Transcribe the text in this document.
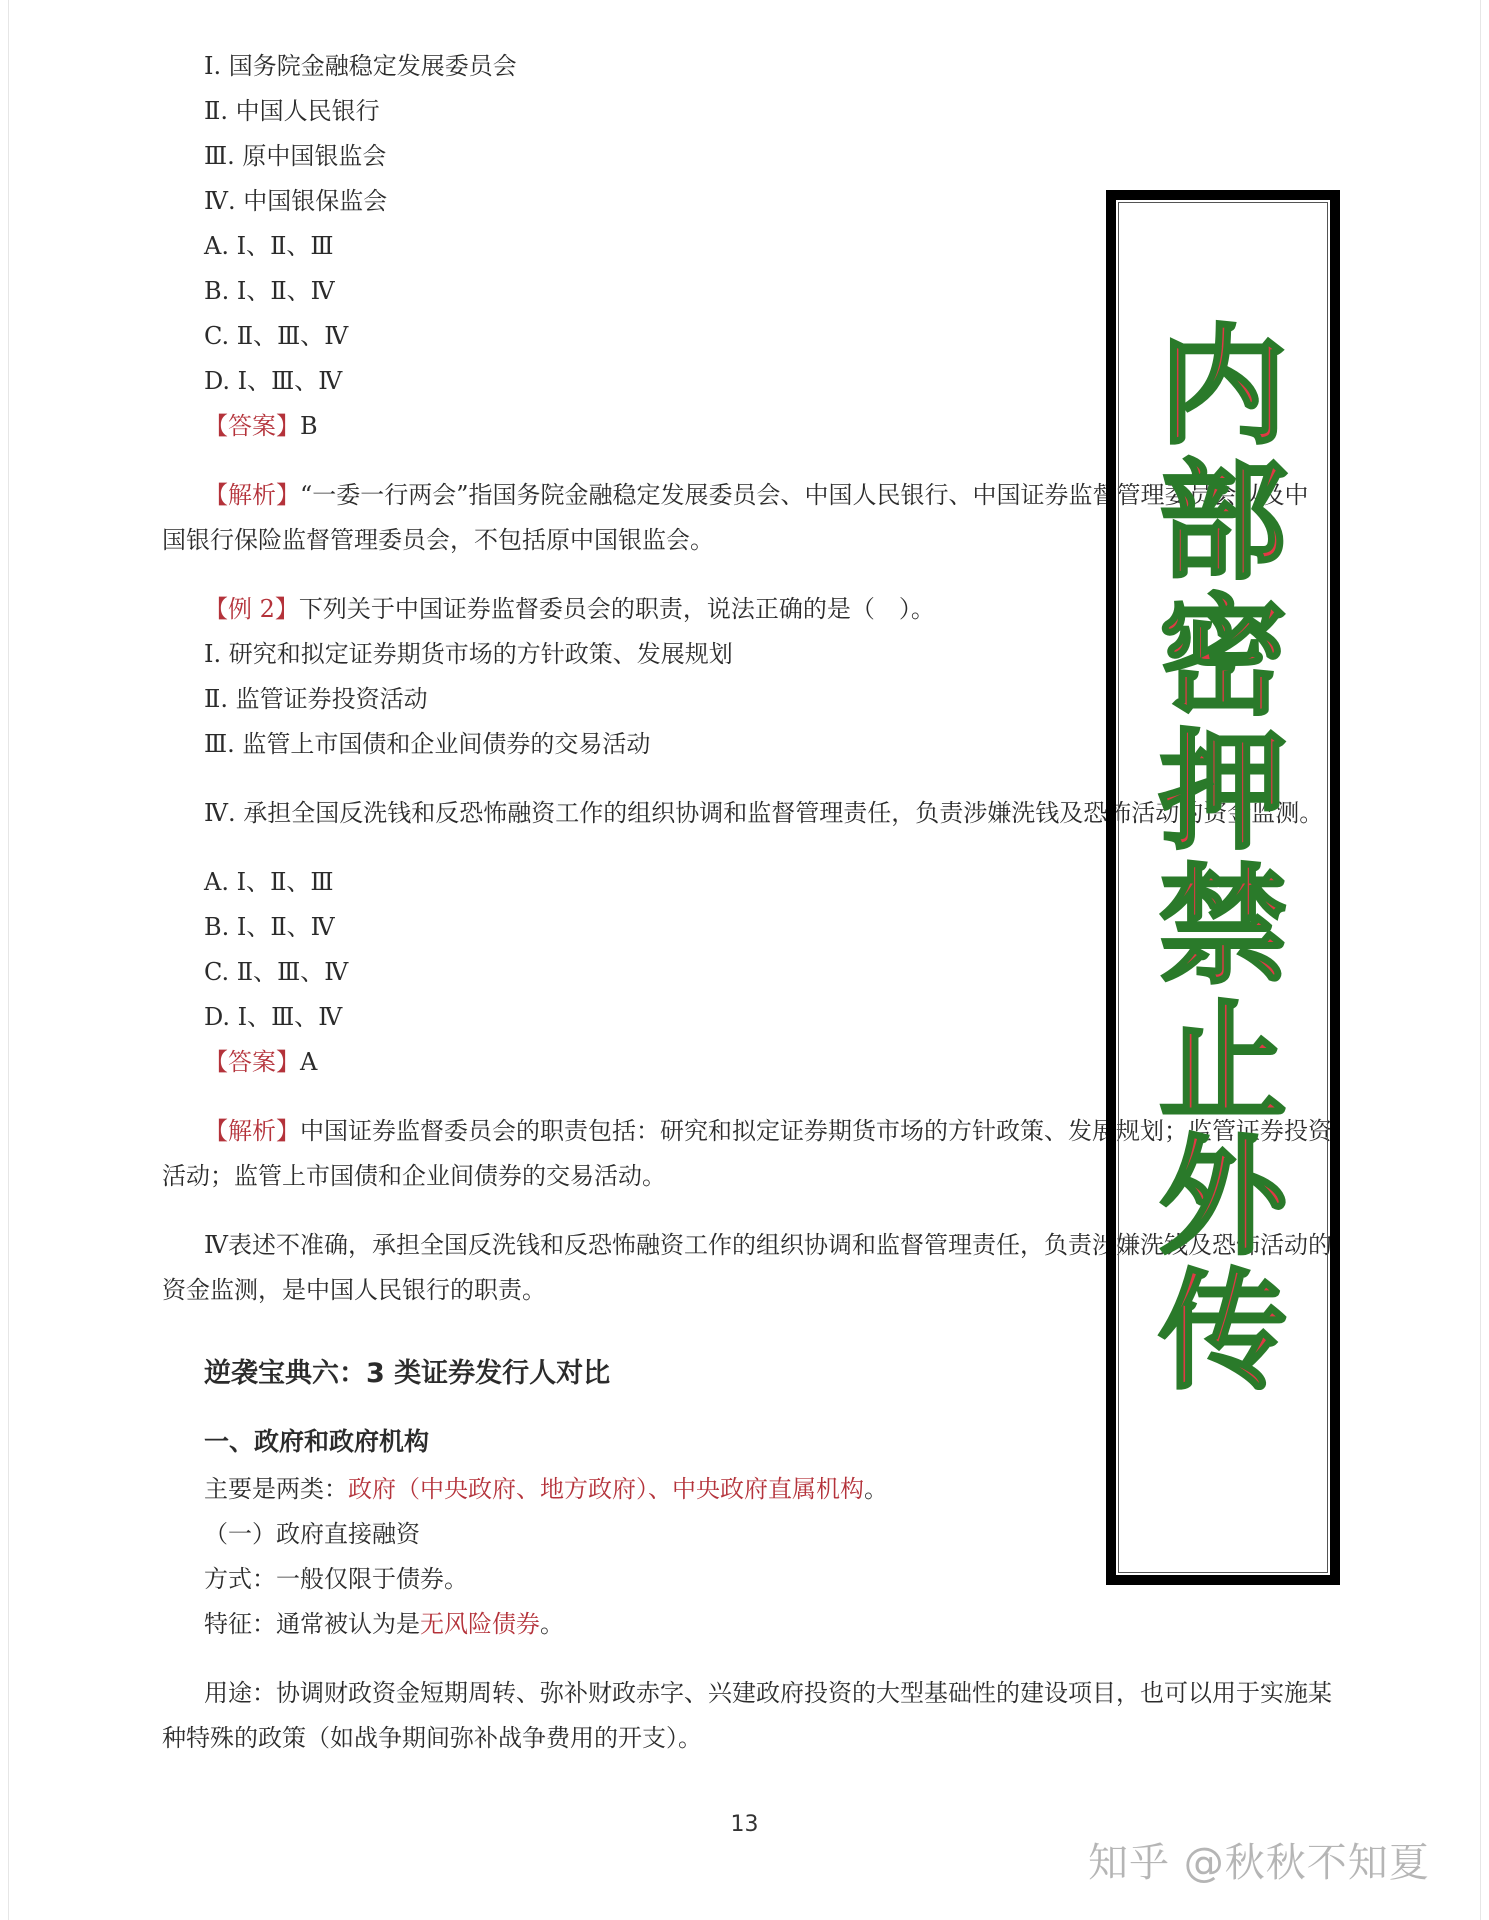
Ⅰ. 国务院金融稳定发展委员会

Ⅱ. 中国人民银行

Ⅲ. 原中国银监会

Ⅳ. 中国银保监会

A. Ⅰ、Ⅱ、Ⅲ

B. Ⅰ、Ⅱ、Ⅳ

C. Ⅱ、Ⅲ、Ⅳ

D. Ⅰ、Ⅲ、Ⅳ

【答案】B

【解析】“一委一行两会”指国务院金融稳定发展委员会、中国人民银行、中国证券监督管理委员会以及中国银行保险监督管理委员会，不包括原中国银监会。

【例 2】下列关于中国证券监督委员会的职责，说法正确的是（　）。

Ⅰ. 研究和拟定证券期货市场的方针政策、发展规划

Ⅱ. 监管证券投资活动

Ⅲ. 监管上市国债和企业间债券的交易活动

Ⅳ. 承担全国反洗钱和反恐怖融资工作的组织协调和监督管理责任，负责涉嫌洗钱及恐怖活动的资金监测。

A. Ⅰ、Ⅱ、Ⅲ

B. Ⅰ、Ⅱ、Ⅳ

C. Ⅱ、Ⅲ、Ⅳ

D. Ⅰ、Ⅲ、Ⅳ

【答案】A

【解析】中国证券监督委员会的职责包括：研究和拟定证券期货市场的方针政策、发展规划；监管证券投资活动；监管上市国债和企业间债券的交易活动。

Ⅳ表述不准确，承担全国反洗钱和反恐怖融资工作的组织协调和监督管理责任，负责涉嫌洗钱及恐怖活动的资金监测，是中国人民银行的职责。

逆袭宝典六：3 类证券发行人对比

一、政府和政府机构

主要是两类：政府（中央政府、地方政府）、中央政府直属机构。

（一）政府直接融资

方式：一般仅限于债券。

特征：通常被认为是无风险债券。

用途：协调财政资金短期周转、弥补财政赤字、兴建政府投资的大型基础性的建设项目，也可以用于实施某种特殊的政策（如战争期间弥补战争费用的开支）。

13
内
部
密
押
禁
止
外
传
知乎 @秋秋不知夏
